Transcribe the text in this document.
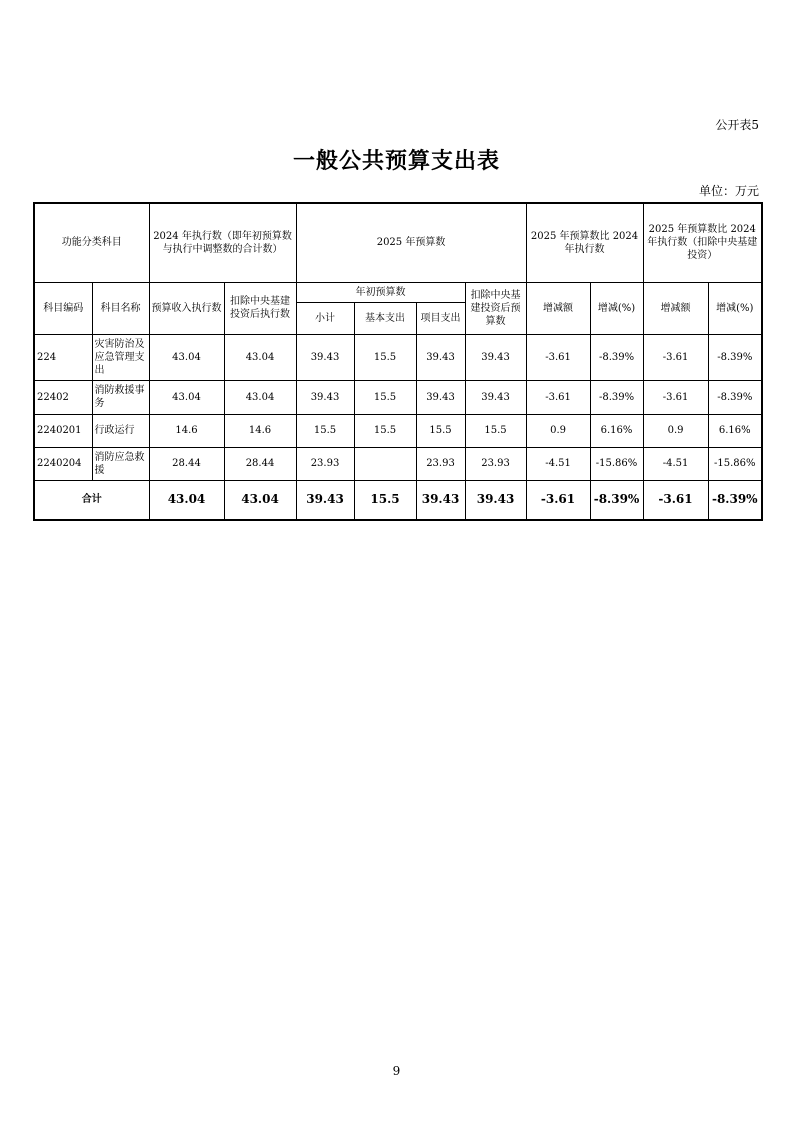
公开表5
一般公共预算支出表
单位：万元
功能分类科目		2024 年执行数（即年初预算数与执行中调整数的合计数）		2025 年预算数				2025 年预算数比 2024 年执行数		2025 年预算数比 2024 年执行数（扣除中央基建投资）	
科目编码	科目名称	预算收入执行数	扣除中央基建投资后执行数	年初预算数			扣除中央基建投资后预算数	增减额	增减(%)	增减额	增减(%)
				小计	基本支出	项目支出					
224	灾害防治及应急管理支出	43.04	43.04	39.43	15.5	39.43	39.43	-3.61	-8.39%	-3.61	-8.39%
22402	消防救援事务	43.04	43.04	39.43	15.5	39.43	39.43	-3.61	-8.39%	-3.61	-8.39%
2240201	行政运行	14.6	14.6	15.5	15.5	15.5	15.5	0.9	6.16%	0.9	6.16%
2240204	消防应急救援	28.44	28.44	23.93		23.93	23.93	-4.51	-15.86%	-4.51	-15.86%
合计		43.04	43.04	39.43	15.5	39.43	39.43	-3.61	-8.39%	-3.61	-8.39%
9
